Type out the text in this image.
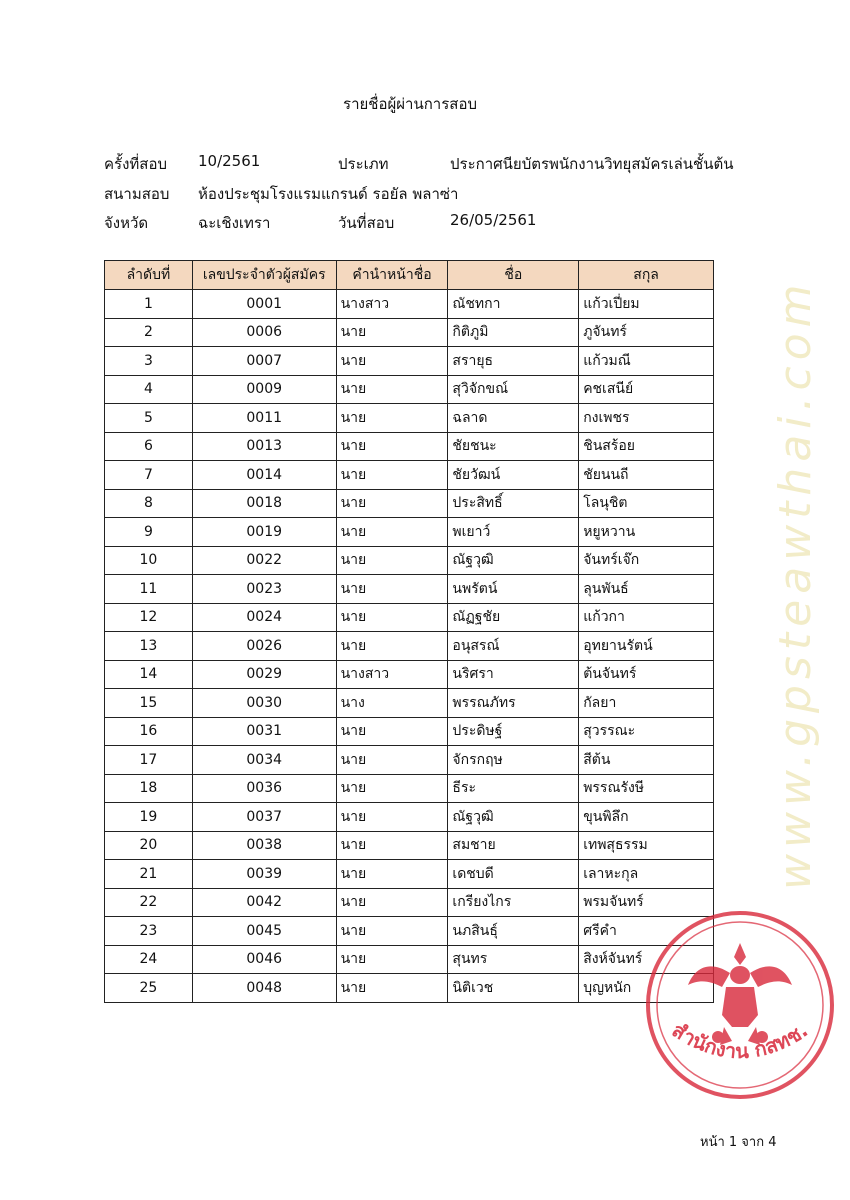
www.gpsteawthai.com
รายชื่อผู้ผ่านการสอบ
ครั้งที่สอบ 10/2561	ประเภท	ประกาศนียบัตรพนักงานวิทยุสมัครเล่นชั้นต้น
สนามสอบ ห้องประชุมโรงแรมแกรนด์ รอยัล พลาซ่า
จังหวัด	ฉะเชิงเทรา	วันที่สอบ	26/05/2561
ลำดับที่	เลขประจำตัวผู้สมัคร	คำนำหน้าชื่อ	ชื่อ	สกุล
1	0001	นางสาว	ณัชทกา	แก้วเปี่ยม
2	0006	นาย	กิติภูมิ	ภูจันทร์
3	0007	นาย	สรายุธ	แก้วมณี
4	0009	นาย	สุวิจักขณ์	คชเสนีย์
5	0011	นาย	ฉลาด	กงเพชร
6	0013	นาย	ชัยชนะ	ชินสร้อย
7	0014	นาย	ชัยวัฒน์	ชัยนนถี
8	0018	นาย	ประสิทธิ์	โลนุชิต
9	0019	นาย	พเยาว์	หยูหวาน
10	0022	นาย	ณัฐวุฒิ	จันทร์เจ๊ก
11	0023	นาย	นพรัตน์	ลุนพันธ์
12	0024	นาย	ณัฏฐชัย	แก้วกา
13	0026	นาย	อนุสรณ์	อุทยานรัตน์
14	0029	นางสาว	นริศรา	ต้นจันทร์
15	0030	นาง	พรรณภัทร	กัลยา
16	0031	นาย	ประดิษฐ์	สุวรรณะ
17	0034	นาย	จักรกฤษ	สีต้น
18	0036	นาย	ธีระ	พรรณรังษี
19	0037	นาย	ณัฐวุฒิ	ขุนพิลึก
20	0038	นาย	สมชาย	เทพสุธรรม
21	0039	นาย	เดชบดี	เลาหะกุล
22	0042	นาย	เกรียงไกร	พรมจันทร์
23	0045	นาย	นภสินธุ์	ศรีคำ
24	0046	นาย	สุนทร	สิงห์จันทร์
25	0048	นาย	นิติเวช	บุญหนัก
สำนักงาน กสทช.
หน้า 1 จาก 4
